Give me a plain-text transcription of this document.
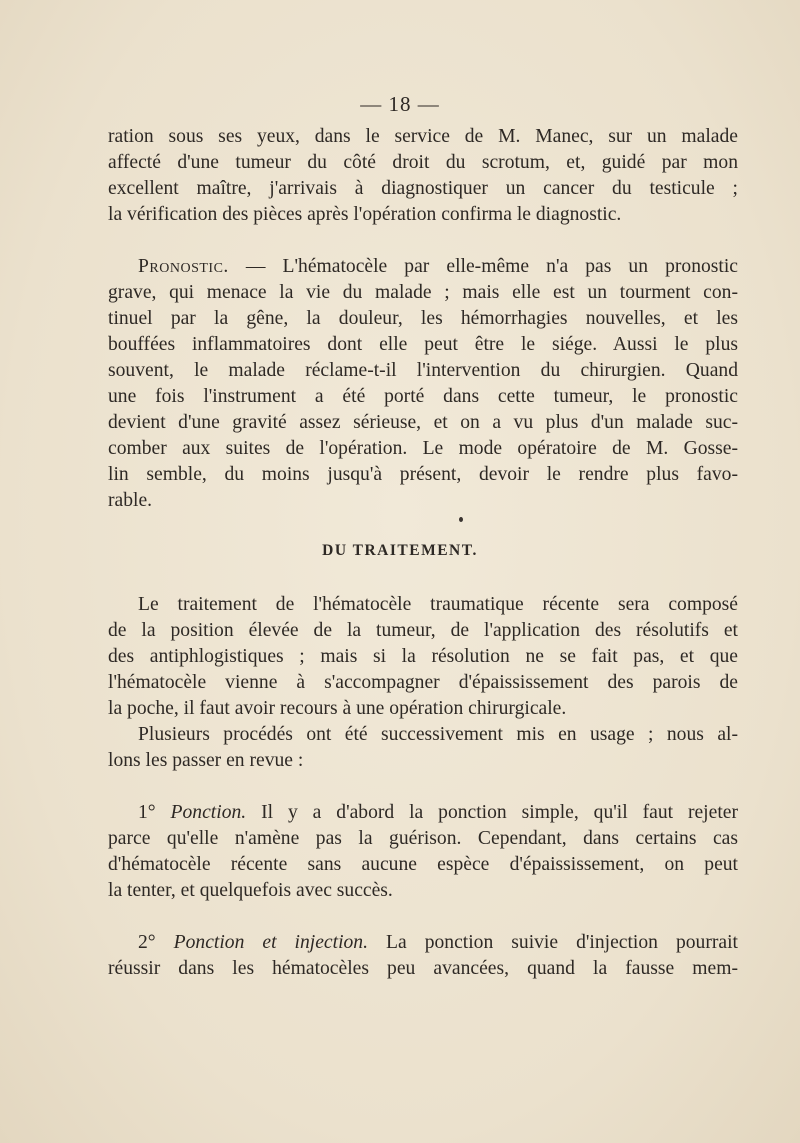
— 18 —
ration sous ses yeux, dans le service de M. Manec, sur un malade
affecté d'une tumeur du côté droit du scrotum, et, guidé par mon
excellent maître, j'arrivais à diagnostiquer un cancer du testicule ;
la vérification des pièces après l'opération confirma le diagnostic.
Pronostic. — L'hématocèle par elle-même n'a pas un pronostic
grave, qui menace la vie du malade ; mais elle est un tourment con-
tinuel par la gêne, la douleur, les hémorrhagies nouvelles, et les
bouffées inflammatoires dont elle peut être le siége. Aussi le plus
souvent, le malade réclame-t-il l'intervention du chirurgien. Quand
une fois l'instrument a été porté dans cette tumeur, le pronostic
devient d'une gravité assez sérieuse, et on a vu plus d'un malade suc-
comber aux suites de l'opération. Le mode opératoire de M. Gosse-
lin semble, du moins jusqu'à présent, devoir le rendre plus favo-
rable.
DU TRAITEMENT.
Le traitement de l'hématocèle traumatique récente sera composé
de la position élevée de la tumeur, de l'application des résolutifs et
des antiphlogistiques ; mais si la résolution ne se fait pas, et que
l'hématocèle vienne à s'accompagner d'épaississement des parois de
la poche, il faut avoir recours à une opération chirurgicale.
Plusieurs procédés ont été successivement mis en usage ; nous al-
lons les passer en revue :
1° Ponction. Il y a d'abord la ponction simple, qu'il faut rejeter
parce qu'elle n'amène pas la guérison. Cependant, dans certains cas
d'hématocèle récente sans aucune espèce d'épaississement, on peut
la tenter, et quelquefois avec succès.
2° Ponction et injection. La ponction suivie d'injection pourrait
réussir dans les hématocèles peu avancées, quand la fausse mem-
